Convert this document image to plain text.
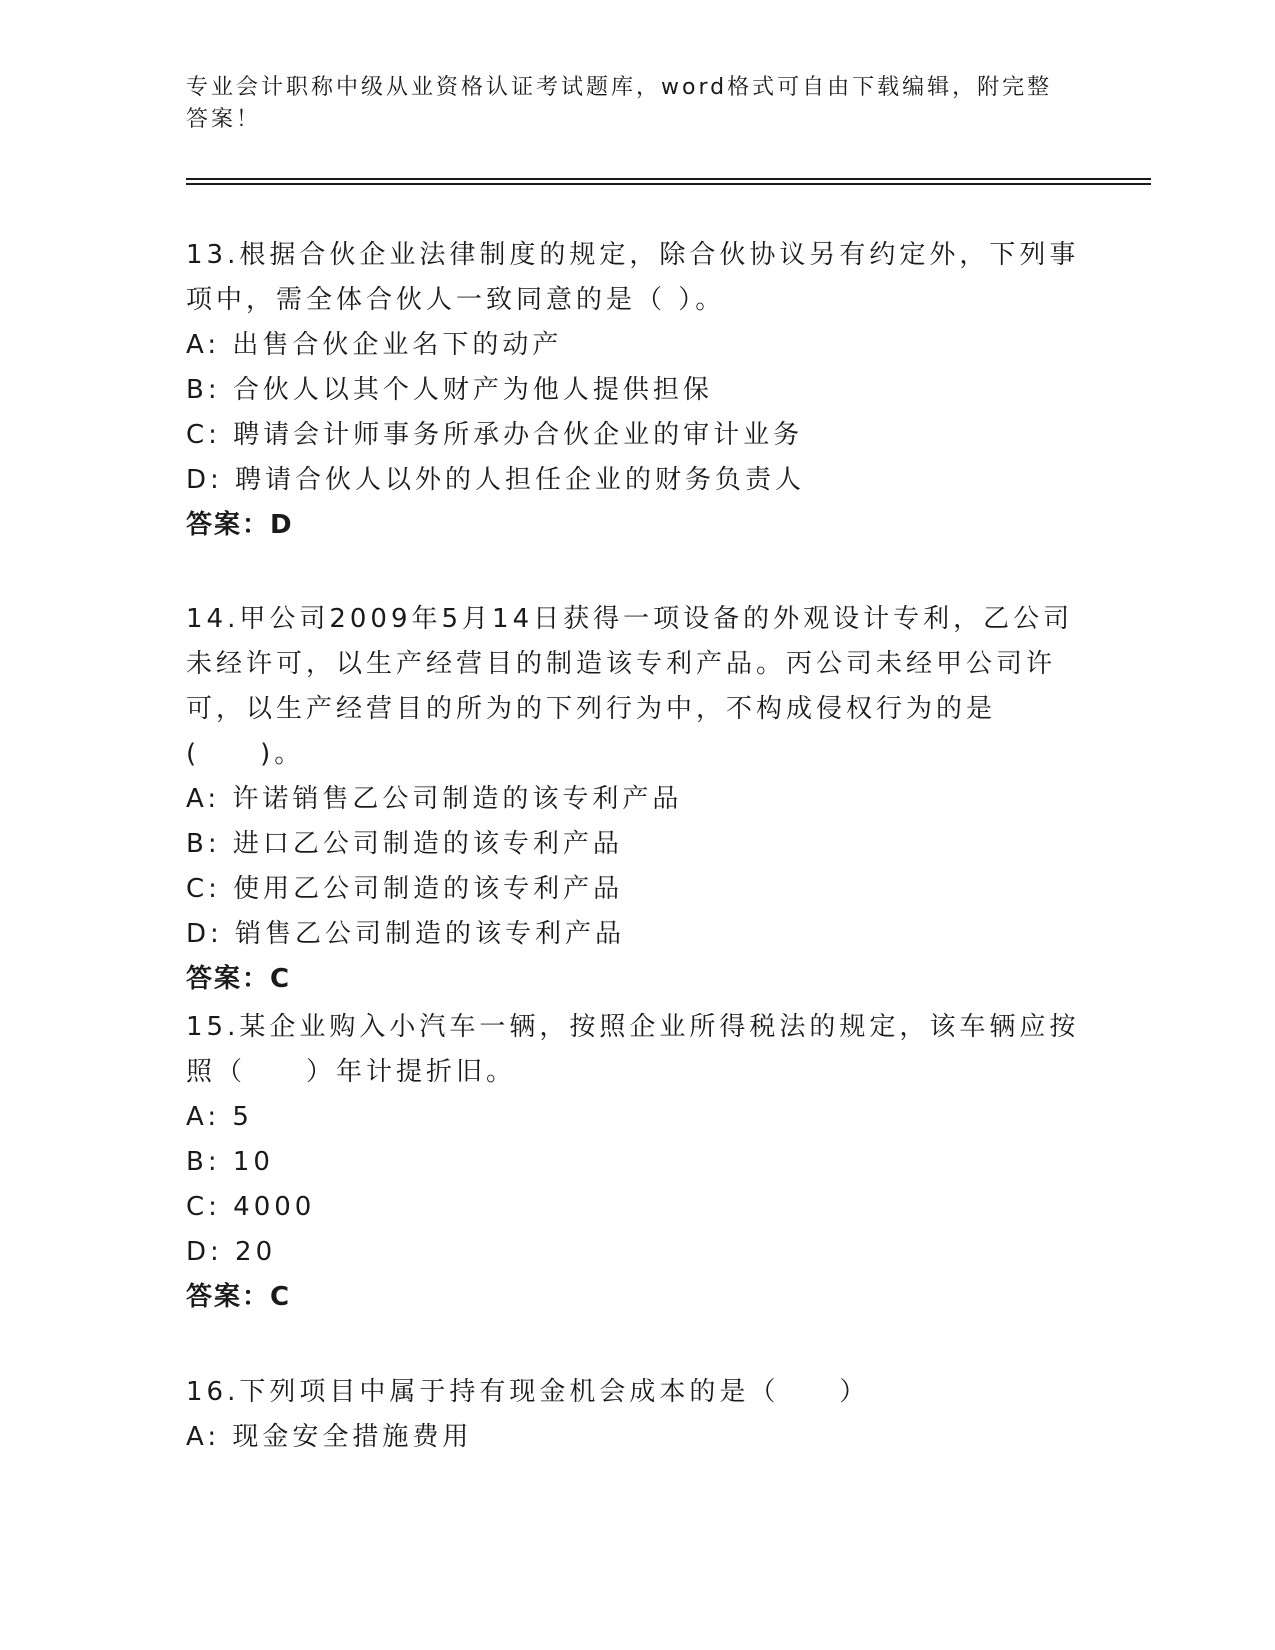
专业会计职称中级从业资格认证考试题库，word格式可自由下载编辑，附完整答案！

13.根据合伙企业法律制度的规定，除合伙协议另有约定外，下列事项中，需全体合伙人一致同意的是（ ）。

A: 出售合伙企业名下的动产

B: 合伙人以其个人财产为他人提供担保

C: 聘请会计师事务所承办合伙企业的审计业务

D: 聘请合伙人以外的人担任企业的财务负责人

答案：D

14.甲公司2009年5月14日获得一项设备的外观设计专利，乙公司未经许可，以生产经营目的制造该专利产品。丙公司未经甲公司许可，以生产经营目的所为的下列行为中，不构成侵权行为的是(　　)。

A: 许诺销售乙公司制造的该专利产品

B: 进口乙公司制造的该专利产品

C: 使用乙公司制造的该专利产品

D: 销售乙公司制造的该专利产品

答案：C

15.某企业购入小汽车一辆，按照企业所得税法的规定，该车辆应按照（　　）年计提折旧。

A: 5

B: 10

C: 4000

D: 20

答案：C

16.下列项目中属于持有现金机会成本的是（　　）

A: 现金安全措施费用
